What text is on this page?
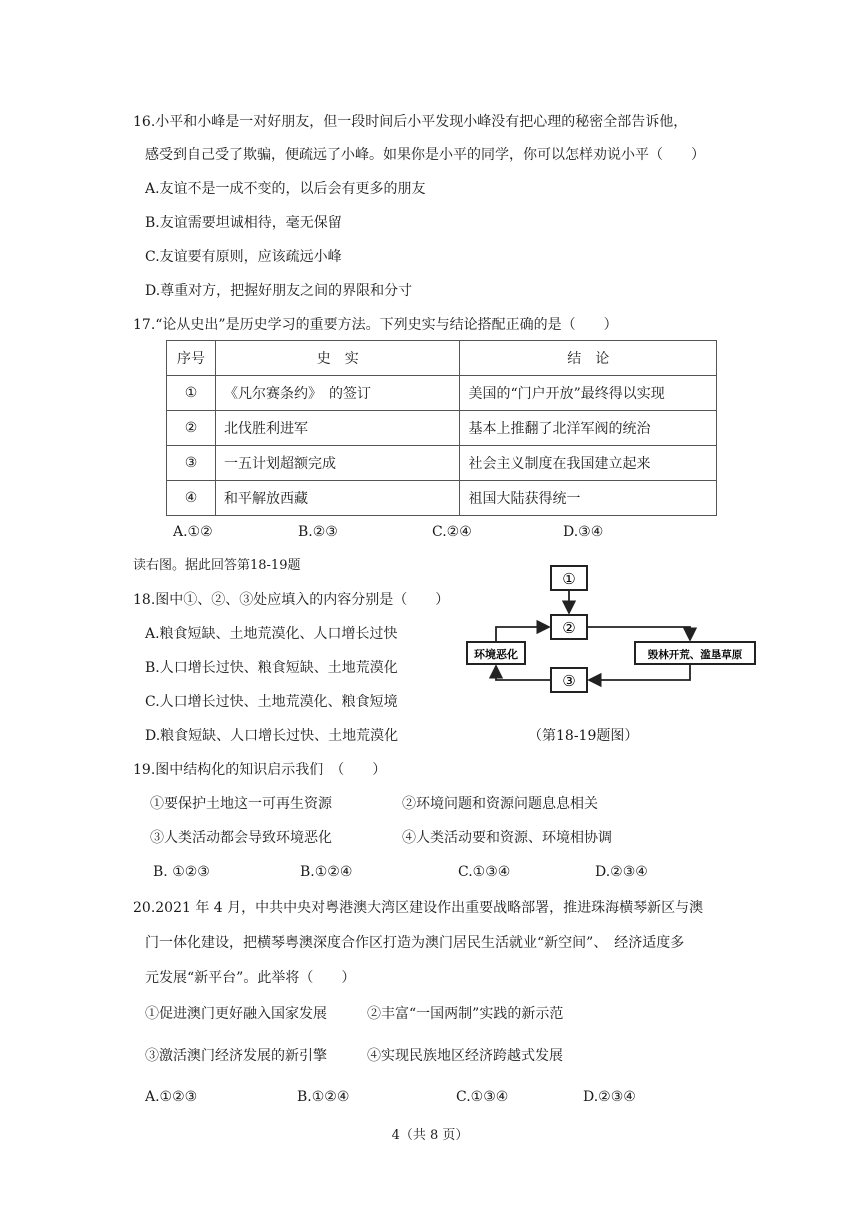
16.小平和小峰是一对好朋友，但一段时间后小平发现小峰没有把心理的秘密全部告诉他，
感受到自己受了欺骗，便疏远了小峰。如果你是小平的同学，你可以怎样劝说小平（　　）
A.友谊不是一成不变的，以后会有更多的朋友
B.友谊需要坦诚相待，毫无保留
C.友谊要有原则，应该疏远小峰
D.尊重对方，把握好朋友之间的界限和分寸
17.“论从史出”是历史学习的重要方法。下列史实与结论搭配正确的是（　　）
序号	史　实	结　论
①	《凡尔赛条约》　的签订	美国的“门户开放”最终得以实现
②	北伐胜利进军	基本上推翻了北洋军阀的统治
③	一五计划超额完成	社会主义制度在我国建立起来
④	和平解放西藏	祖国大陆获得统一
A.①②	B.②③	C.②④	D.③④
读右图。据此回答第18-19题
18.图中①、②、③处应填入的内容分别是（　　）
A.粮食短缺、土地荒漠化、人口增长过快
B.人口增长过快、粮食短缺、土地荒漠化
C.人口增长过快、土地荒漠化、粮食短境
D.粮食短缺、人口增长过快、土地荒漠化
①
②
③
环境恶化	毁林开荒、滥垦草原
（第18-19题图）
19.图中结构化的知识启示我们　（　　）
①要保护土地这一可再生资源	②环境问题和资源问题息息相关
③人类活动都会导致环境恶化	④人类活动要和资源、环境相协调
B. ①②③	B.①②④	C.①③④	D.②③④
20.2021 年 4 月，中共中央对粤港澳大湾区建设作出重要战略部署，推进珠海横琴新区与澳
门一体化建设，把横琴粤澳深度合作区打造为澳门居民生活就业“新空间”、　经济适度多
元发展“新平台”。此举将（　　）
①促进澳门更好融入国家发展	②丰富“一国两制”实践的新示范
③激活澳门经济发展的新引擎	④实现民族地区经济跨越式发展
A.①②③	B.①②④	C.①③④	D.②③④
4（共 8 页）
